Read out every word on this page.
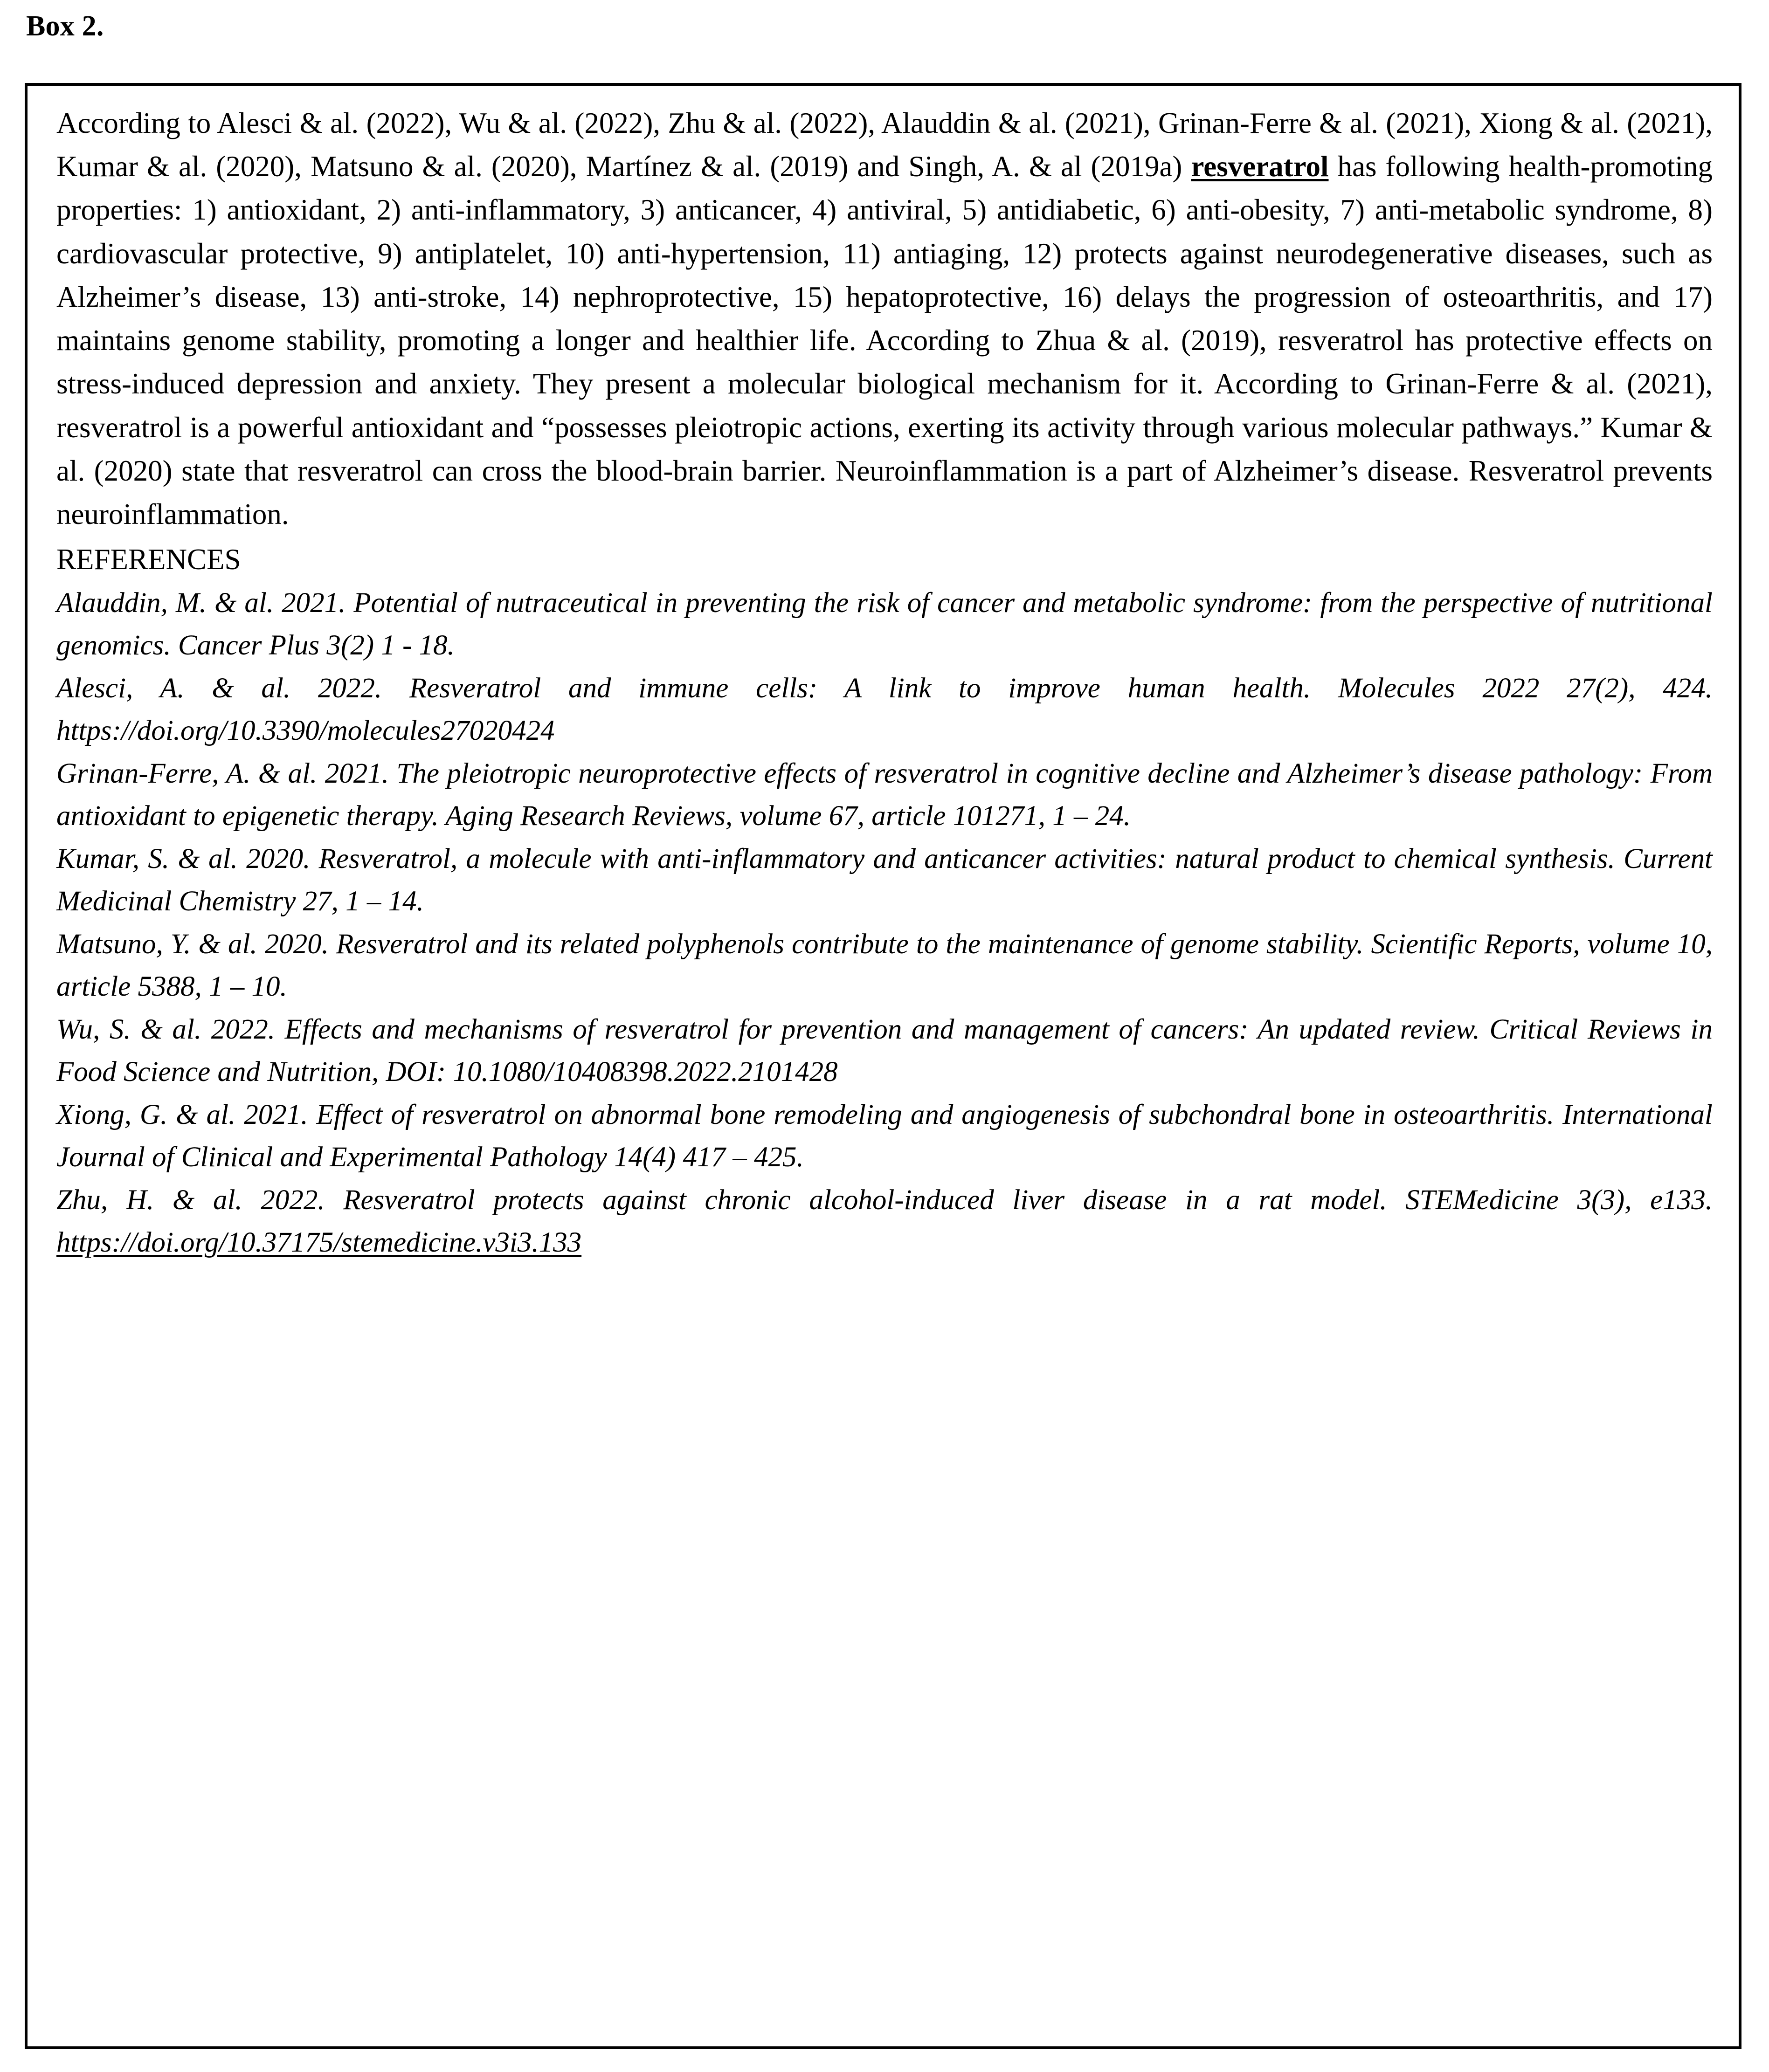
Box 2.

According to Alesci & al. (2022), Wu & al. (2022), Zhu & al. (2022), Alauddin & al. (2021), Grinan-Ferre & al. (2021), Xiong & al. (2021), Kumar & al. (2020), Matsuno & al. (2020), Martínez & al. (2019) and Singh, A. & al (2019a) resveratrol has following health-promoting properties: 1) antioxidant, 2) anti-inflammatory, 3) anticancer, 4) antiviral, 5) antidiabetic, 6) anti-obesity, 7) anti-metabolic syndrome, 8) cardiovascular protective, 9) antiplatelet, 10) anti-hypertension, 11) antiaging, 12) protects against neurodegenerative diseases, such as Alzheimer’s disease, 13) anti-stroke, 14) nephroprotective, 15) hepatoprotective, 16) delays the progression of osteoarthritis, and 17) maintains genome stability, promoting a longer and healthier life. According to Zhua & al. (2019), resveratrol has protective effects on stress-induced depression and anxiety. They present a molecular biological mechanism for it. According to Grinan-Ferre & al. (2021), resveratrol is a powerful antioxidant and “possesses pleiotropic actions, exerting its activity through various molecular pathways.” Kumar & al. (2020) state that resveratrol can cross the blood-brain barrier. Neuroinflammation is a part of Alzheimer’s disease. Resveratrol prevents neuroinflammation.

REFERENCES

Alauddin, M. & al. 2021. Potential of nutraceutical in preventing the risk of cancer and metabolic syndrome: from the perspective of nutritional genomics. Cancer Plus 3(2) 1 - 18.

Alesci, A. & al. 2022. Resveratrol and immune cells: A link to improve human health. Molecules 2022 27(2), 424. https://doi.org/10.3390/molecules27020424

Grinan-Ferre, A. & al. 2021. The pleiotropic neuroprotective effects of resveratrol in cognitive decline and Alzheimer’s disease pathology: From antioxidant to epigenetic therapy. Aging Research Reviews, volume 67, article 101271, 1 – 24.

Kumar, S. & al. 2020. Resveratrol, a molecule with anti-inflammatory and anticancer activities: natural product to chemical synthesis. Current Medicinal Chemistry 27, 1 – 14.

Matsuno, Y. & al. 2020. Resveratrol and its related polyphenols contribute to the maintenance of genome stability. Scientific Reports, volume 10, article 5388, 1 – 10.

Wu, S. & al. 2022. Effects and mechanisms of resveratrol for prevention and management of cancers: An updated review. Critical Reviews in Food Science and Nutrition, DOI: 10.1080/10408398.2022.2101428

Xiong, G. & al. 2021. Effect of resveratrol on abnormal bone remodeling and angiogenesis of subchondral bone in osteoarthritis. International Journal of Clinical and Experimental Pathology 14(4) 417 – 425.

Zhu, H. & al. 2022. Resveratrol protects against chronic alcohol-induced liver disease in a rat model. STEMedicine 3(3), e133. https://doi.org/10.37175/stemedicine.v3i3.133
